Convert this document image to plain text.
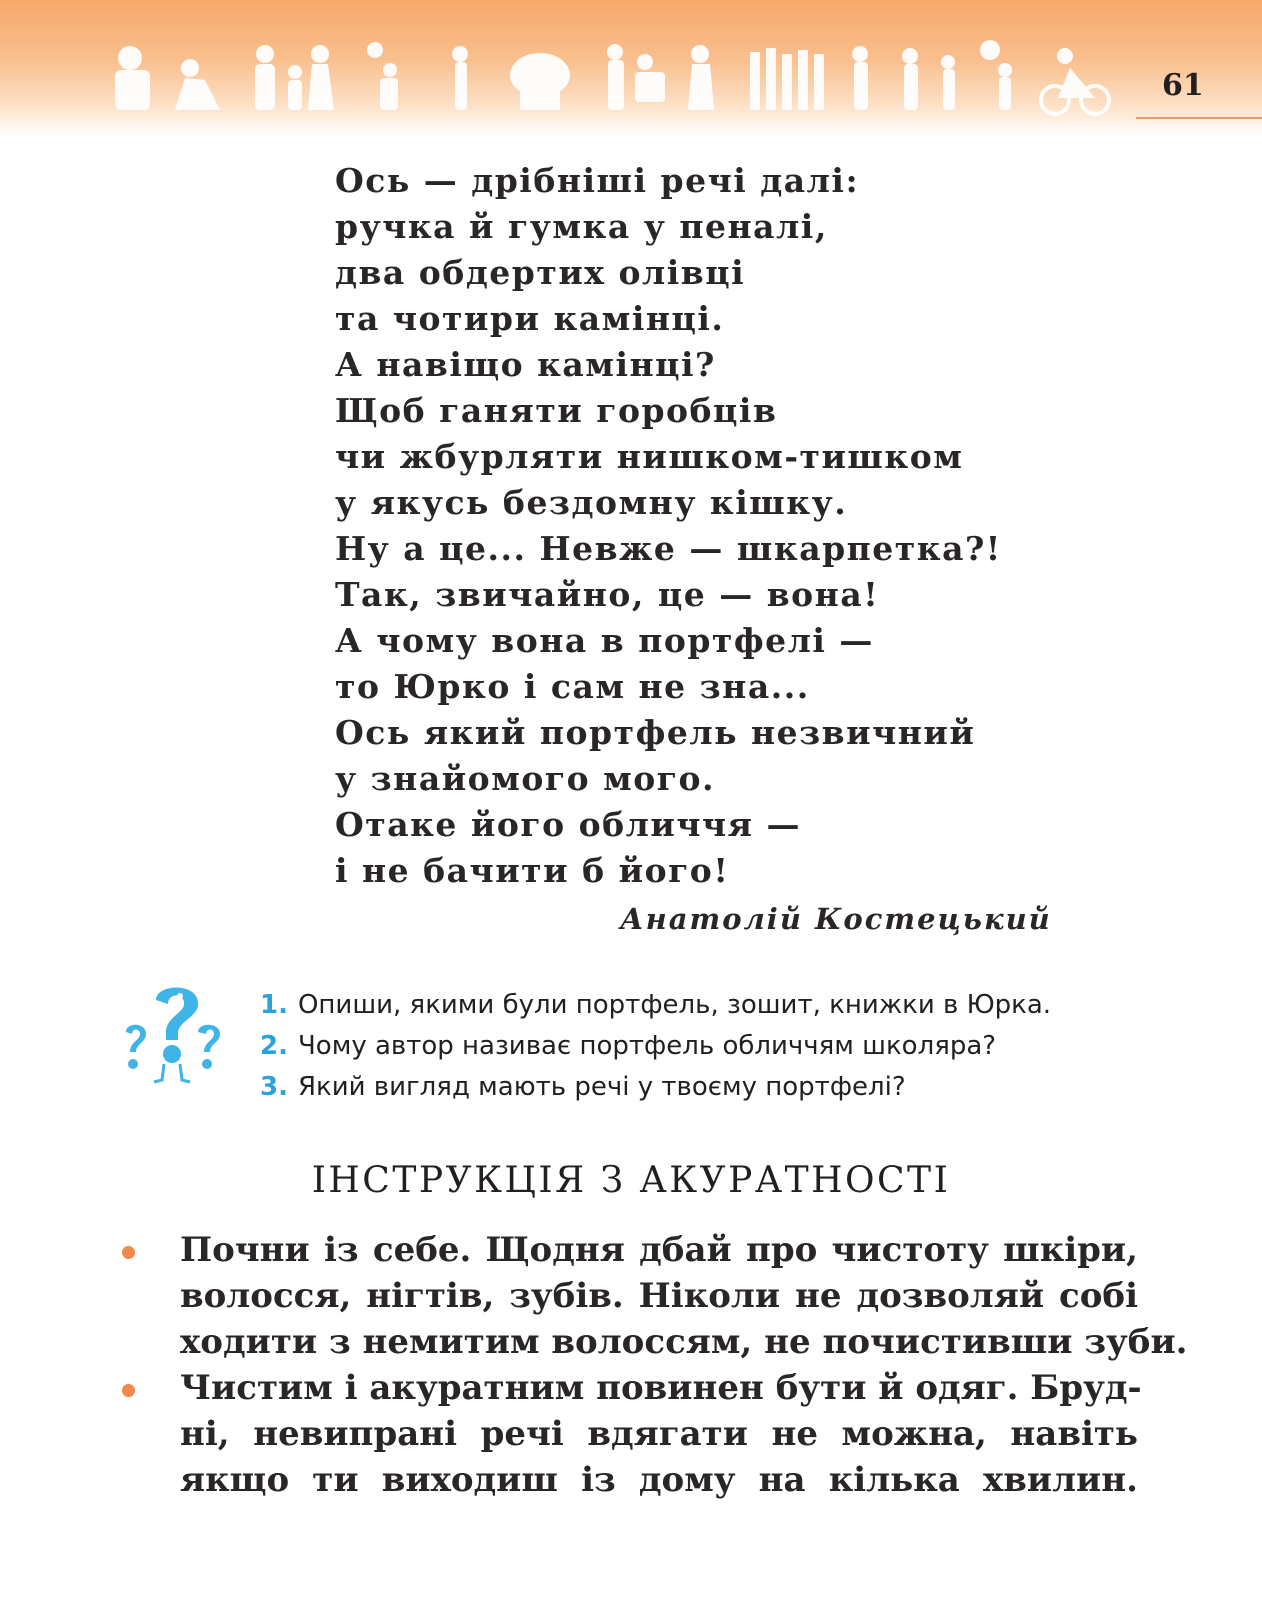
61
Ось — дрібніші речі далі:
ручка й гумка у пеналі,
два обдертих олівці
та чотири камінці.
А навіщо камінці?
Щоб ганяти горобців
чи жбурляти нишком-тишком
у якусь бездомну кішку.
Ну а це... Невже — шкарпетка?!
Так, звичайно, це — вона!
А чому вона в портфелі —
то Юрко і сам не зна...
Ось який портфель незвичний
у знайомого мого.
Отаке його обличчя —
і не бачити б його!
Анатолій Костецький
1. Опиши, якими були портфель, зошит, книжки в Юрка.
2. Чому автор називає портфель обличчям школяра?
3. Який вигляд мають речі у твоєму портфелі?
ІНСТРУКЦІЯ З АКУРАТНОСТІ
Почни із себе. Щодня дбай про чистоту шкіри,
волосся, нігтів, зубів. Ніколи не дозволяй собі
ходити з немитим волоссям, не почистивши зуби.
Чистим і акуратним повинен бути й одяг. Бруд-
ні, невипрані речі вдягати не можна, навіть
якщо ти виходиш із дому на кілька хвилин.
